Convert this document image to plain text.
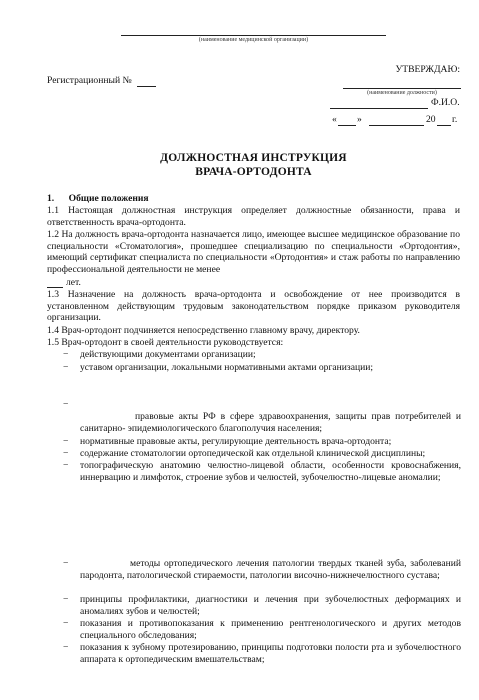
(наименование медицинской организации)
Регистрационный №
УТВЕРЖДАЮ:
(наименование должности)
Ф.И.О.
« »	20 г.
ДОЛЖНОСТНАЯ ИНСТРУКЦИЯ
ВРАЧА-ОРТОДОНТА
1. Общие положения
1.1 Настоящая должностная инструкция определяет должностные обязанности, права и ответственность врача-ортодонта.
1.2 На должность врача-ортодонта назначается лицо, имеющее высшее медицинское образование по специальности «Стоматология», прошедшее специализацию по специальности «Ортодонтия», имеющий сертификат специалиста по специальности «Ортодонтия» и стаж работы по направлению профессиональной деятельности не менее
лет.
1.3 Назначение на должность врача-ортодонта и освобождение от нее производится в установленном действующим трудовым законодательством порядке приказом руководителя организации.
1.4 Врач-ортодонт подчиняется непосредственно главному врачу, директору.
1.5 Врач-ортодонт в своей деятельности руководствуется:
−	действующими документами организации;
−	уставом организации, локальными нормативными актами организации;
−
правовые акты РФ в сфере здравоохранения, защиты прав потребителей и санитарно- эпидемиологического благополучия населения;
−	нормативные правовые акты, регулирующие деятельность врача-ортодонта;
−	содержание стоматологии ортопедической как отдельной клинической дисциплины;
−	топографическую анатомию челюстно-лицевой области, особенности кровоснабжения, иннервацию и лимфоток, строение зубов и челюстей, зубочелюстно-лицевые аномалии;
−	методы ортопедического лечения патологии твердых тканей зуба, заболеваний пародонта, патологической стираемости, патологии височно-нижнечелюстного сустава;
−	принципы профилактики, диагностики и лечения при зубочелюстных деформациях и аномалиях зубов и челюстей;
−	показания и противопоказания к применению рентгенологического и других методов специального обследования;
−	показания к зубному протезированию, принципы подготовки полости рта и зубочелюстного аппарата к ортопедическим вмешательствам;
